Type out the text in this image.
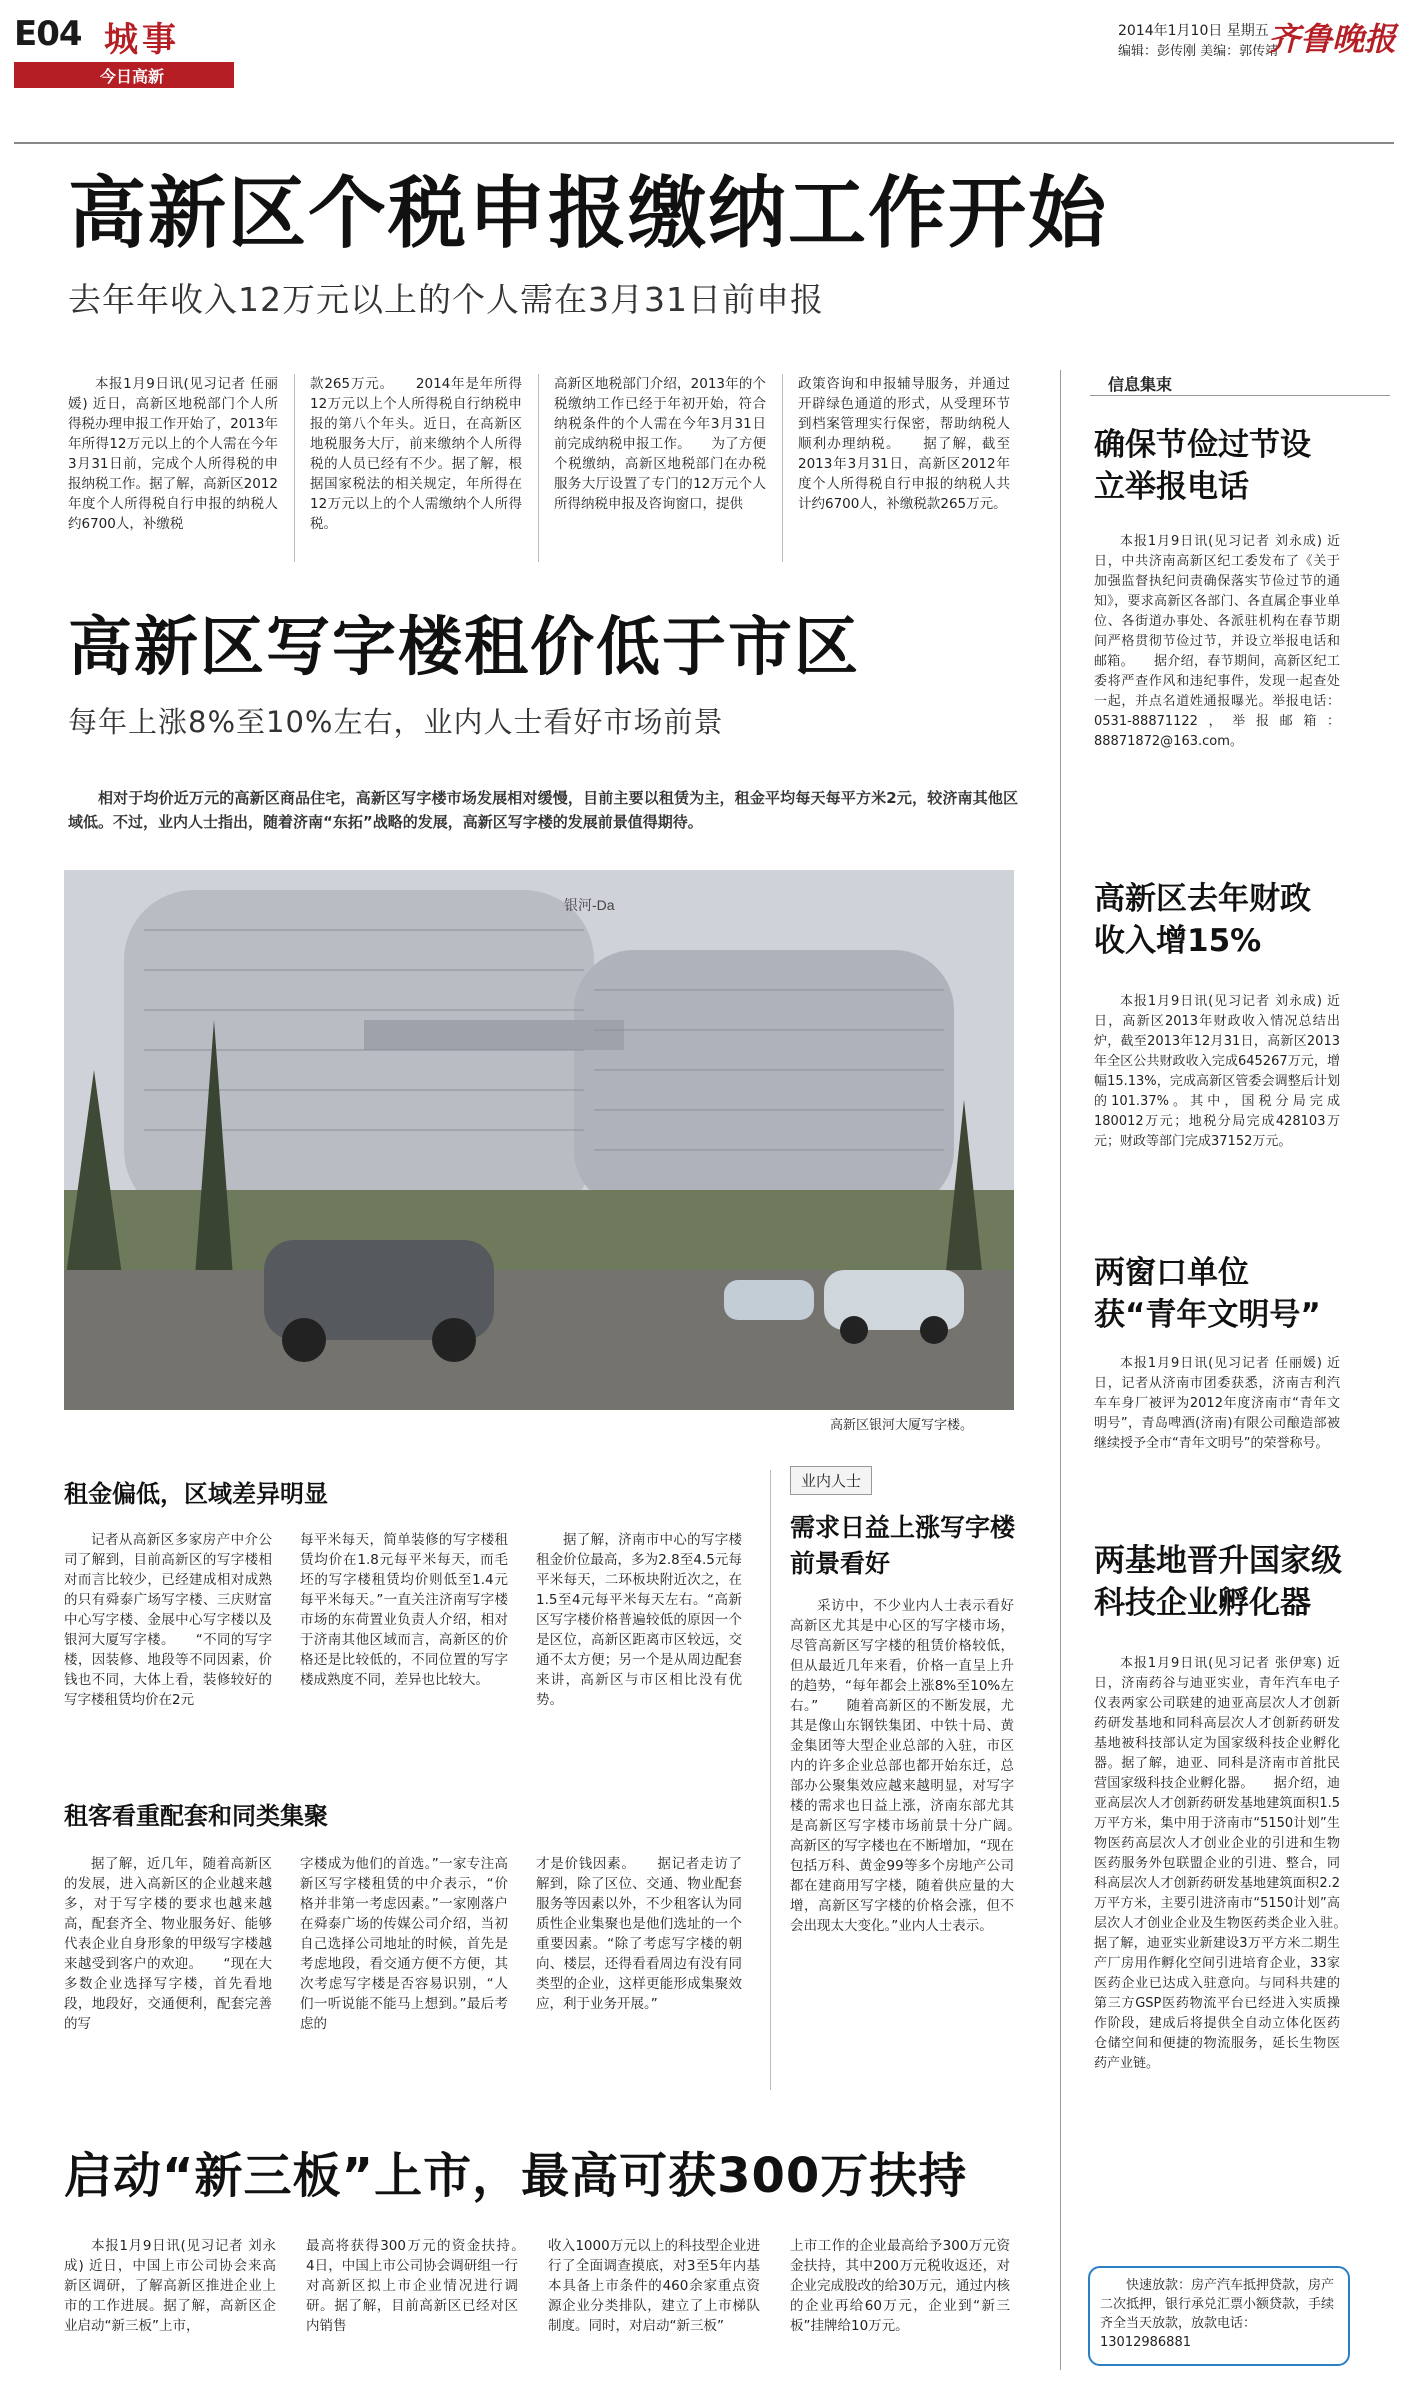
E04 城事
今日高新
2014年1月10日 星期五
编辑：彭传刚 美编：郭传靖
齐鲁晚报
高新区个税申报缴纳工作开始
去年年收入12万元以上的个人需在3月31日前申报
本报1月9日讯(见习记者 任丽媛) 近日，高新区地税部门个人所得税办理申报工作开始了，2013年年所得12万元以上的个人需在今年3月31日前，完成个人所得税的申报纳税工作。据了解，高新区2012年度个人所得税自行申报的纳税人约6700人，补缴税
款265万元。　　2014年是年所得12万元以上个人所得税自行纳税申报的第八个年头。近日，在高新区地税服务大厅，前来缴纳个人所得税的人员已经有不少。据了解，根据国家税法的相关规定，年所得在12万元以上的个人需缴纳个人所得税。
高新区地税部门介绍，2013年的个税缴纳工作已经于年初开始，符合纳税条件的个人需在今年3月31日前完成纳税申报工作。　　为了方便个税缴纳，高新区地税部门在办税服务大厅设置了专门的12万元个人所得纳税申报及咨询窗口，提供
政策咨询和申报辅导服务，并通过开辟绿色通道的形式，从受理环节到档案管理实行保密，帮助纳税人顺利办理纳税。　　据了解，截至2013年3月31日，高新区2012年度个人所得税自行申报的纳税人共计约6700人，补缴税款265万元。
高新区写字楼租价低于市区
每年上涨8%至10%左右，业内人士看好市场前景
相对于均价近万元的高新区商品住宅，高新区写字楼市场发展相对缓慢，目前主要以租赁为主，租金平均每天每平方米2元，较济南其他区域低。不过，业内人士指出，随着济南“东拓”战略的发展，高新区写字楼的发展前景值得期待。
银河-Da
高新区银河大厦写字楼。
租金偏低，区域差异明显
记者从高新区多家房产中介公司了解到，目前高新区的写字楼相对而言比较少，已经建成相对成熟的只有舜泰广场写字楼、三庆财富中心写字楼、金展中心写字楼以及银河大厦写字楼。　　“不同的写字楼，因装修、地段等不同因素，价钱也不同，大体上看，装修较好的写字楼租赁均价在2元
每平米每天，简单装修的写字楼租赁均价在1.8元每平米每天，而毛坯的写字楼租赁均价则低至1.4元每平米每天。”一直关注济南写字楼市场的东荷置业负责人介绍，相对于济南其他区域而言，高新区的价格还是比较低的，不同位置的写字楼成熟度不同，差异也比较大。
据了解，济南市中心的写字楼租金价位最高，多为2.8至4.5元每平米每天，二环板块附近次之，在1.5至4元每平米每天左右。“高新区写字楼价格普遍较低的原因一个是区位，高新区距离市区较远，交通不太方便；另一个是从周边配套来讲，高新区与市区相比没有优势。
租客看重配套和同类集聚
据了解，近几年，随着高新区的发展，进入高新区的企业越来越多，对于写字楼的要求也越来越高，配套齐全、物业服务好、能够代表企业自身形象的甲级写字楼越来越受到客户的欢迎。　　“现在大多数企业选择写字楼，首先看地段，地段好，交通便利，配套完善的写
字楼成为他们的首选。”一家专注高新区写字楼租赁的中介表示，“价格并非第一考虑因素。”一家刚落户在舜泰广场的传媒公司介绍，当初自己选择公司地址的时候，首先是考虑地段，看交通方便不方便，其次考虑写字楼是否容易识别，“人们一听说能不能马上想到。”最后考虑的
才是价钱因素。　　据记者走访了解到，除了区位、交通、物业配套服务等因素以外，不少租客认为同质性企业集聚也是他们选址的一个重要因素。“除了考虑写字楼的朝向、楼层，还得看看周边有没有同类型的企业，这样更能形成集聚效应，利于业务开展。”
业内人士
需求日益上涨写字楼前景看好
采访中，不少业内人士表示看好高新区尤其是中心区的写字楼市场，尽管高新区写字楼的租赁价格较低，但从最近几年来看，价格一直呈上升的趋势，“每年都会上涨8%至10%左右。”　　随着高新区的不断发展，尤其是像山东钢铁集团、中铁十局、黄金集团等大型企业总部的入驻，市区内的许多企业总部也都开始东迁，总部办公聚集效应越来越明显，对写字楼的需求也日益上涨，济南东部尤其是高新区写字楼市场前景十分广阔。　　高新区的写字楼也在不断增加，“现在包括万科、黄金99等多个房地产公司都在建商用写字楼，随着供应量的大增，高新区写字楼的价格会涨，但不会出现太大变化。”业内人士表示。
启动“新三板”上市，最高可获300万扶持
本报1月9日讯(见习记者 刘永成) 近日，中国上市公司协会来高新区调研，了解高新区推进企业上市的工作进展。据了解，高新区企业启动“新三板”上市，
最高将获得300万元的资金扶持。　　4日，中国上市公司协会调研组一行对高新区拟上市企业情况进行调研。据了解，目前高新区已经对区内销售
收入1000万元以上的科技型企业进行了全面调查摸底，对3至5年内基本具备上市条件的460余家重点资源企业分类排队，建立了上市梯队制度。同时，对启动“新三板”
上市工作的企业最高给予300万元资金扶持，其中200万元税收返还，对企业完成股改的给30万元，通过内核的企业再给60万元，企业到“新三板”挂牌给10万元。
信息集束
确保节俭过节设立举报电话
本报1月9日讯(见习记者 刘永成) 近日，中共济南高新区纪工委发布了《关于加强监督执纪问责确保落实节俭过节的通知》，要求高新区各部门、各直属企事业单位、各街道办事处、各派驻机构在春节期间严格贯彻节俭过节，并设立举报电话和邮箱。　　据介绍，春节期间，高新区纪工委将严查作风和违纪事件，发现一起查处一起，并点名道姓通报曝光。举报电话：0531-88871122，举报邮箱：88871872@163.com。
高新区去年财政收入增15%
本报1月9日讯(见习记者 刘永成) 近日，高新区2013年财政收入情况总结出炉，截至2013年12月31日，高新区2013年全区公共财政收入完成645267万元，增幅15.13%，完成高新区管委会调整后计划的101.37%。其中，国税分局完成180012万元；地税分局完成428103万元；财政等部门完成37152万元。
两窗口单位获“青年文明号”
本报1月9日讯(见习记者 任丽媛) 近日，记者从济南市团委获悉，济南吉利汽车车身厂被评为2012年度济南市“青年文明号”，青岛啤酒(济南)有限公司酿造部被继续授予全市“青年文明号”的荣誉称号。
两基地晋升国家级科技企业孵化器
本报1月9日讯(见习记者 张伊寒) 近日，济南药谷与迪亚实业，青年汽车电子仪表两家公司联建的迪亚高层次人才创新药研发基地和同科高层次人才创新药研发基地被科技部认定为国家级科技企业孵化器。据了解，迪亚、同科是济南市首批民营国家级科技企业孵化器。　　据介绍，迪亚高层次人才创新药研发基地建筑面积1.5万平方米，集中用于济南市“5150计划”生物医药高层次人才创业企业的引进和生物医药服务外包联盟企业的引进、整合，同科高层次人才创新药研发基地建筑面积2.2万平方米，主要引进济南市“5150计划”高层次人才创业企业及生物医药类企业入驻。　　据了解，迪亚实业新建设3万平方米二期生产厂房用作孵化空间引进培育企业，33家医药企业已达成入驻意向。与同科共建的第三方GSP医药物流平台已经进入实质操作阶段，建成后将提供全自动立体化医药仓储空间和便捷的物流服务，延长生物医药产业链。
快速放款：房产汽车抵押贷款，房产二次抵押，银行承兑汇票小额贷款，手续齐全当天放款，放款电话：13012986881
